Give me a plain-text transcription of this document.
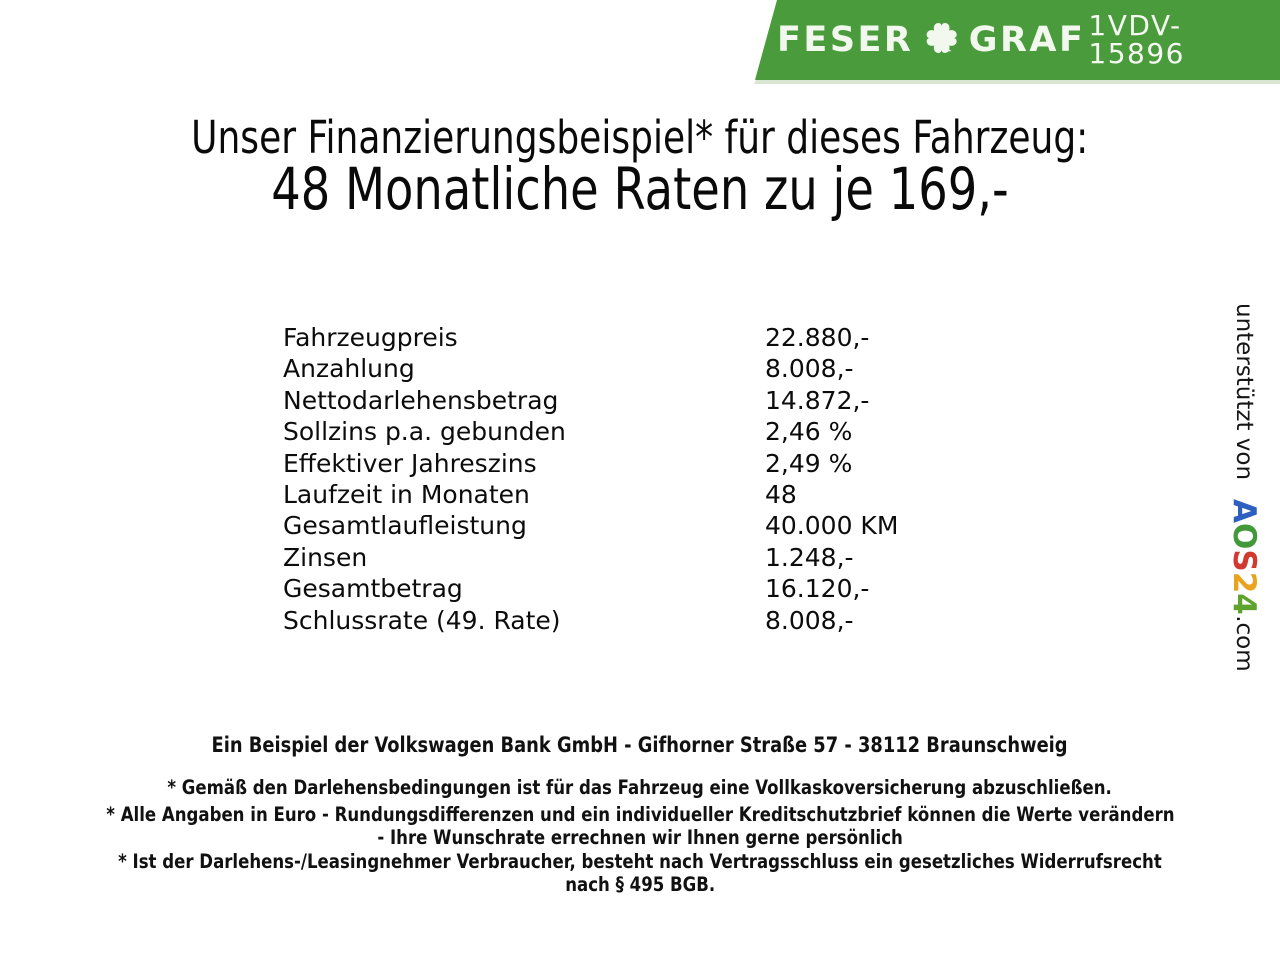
FESER GRAF 1VDV-15896
Unser Finanzierungsbeispiel* für dieses Fahrzeug:
48 Monatliche Raten zu je 169,-
Fahrzeugpreis	22.880,-
Anzahlung	8.008,-
Nettodarlehensbetrag	14.872,-
Sollzins p.a. gebunden	2,46 %
Effektiver Jahreszins	2,49 %
Laufzeit in Monaten	48
Gesamtlaufleistung	40.000 KM
Zinsen	1.248,-
Gesamtbetrag	16.120,-
Schlussrate (49. Rate)	8.008,-
Ein Beispiel der Volkswagen Bank GmbH - Gifhorner Straße 57 - 38112 Braunschweig
* Gemäß den Darlehensbedingungen ist für das Fahrzeug eine Vollkaskoversicherung abzuschließen.
* Alle Angaben in Euro - Rundungsdifferenzen und ein individueller Kreditschutzbrief können die Werte verändern
- Ihre Wunschrate errechnen wir Ihnen gerne persönlich
* Ist der Darlehens-/Leasingnehmer Verbraucher, besteht nach Vertragsschluss ein gesetzliches Widerrufsrecht
nach § 495 BGB.
unterstützt von AOS24.com
